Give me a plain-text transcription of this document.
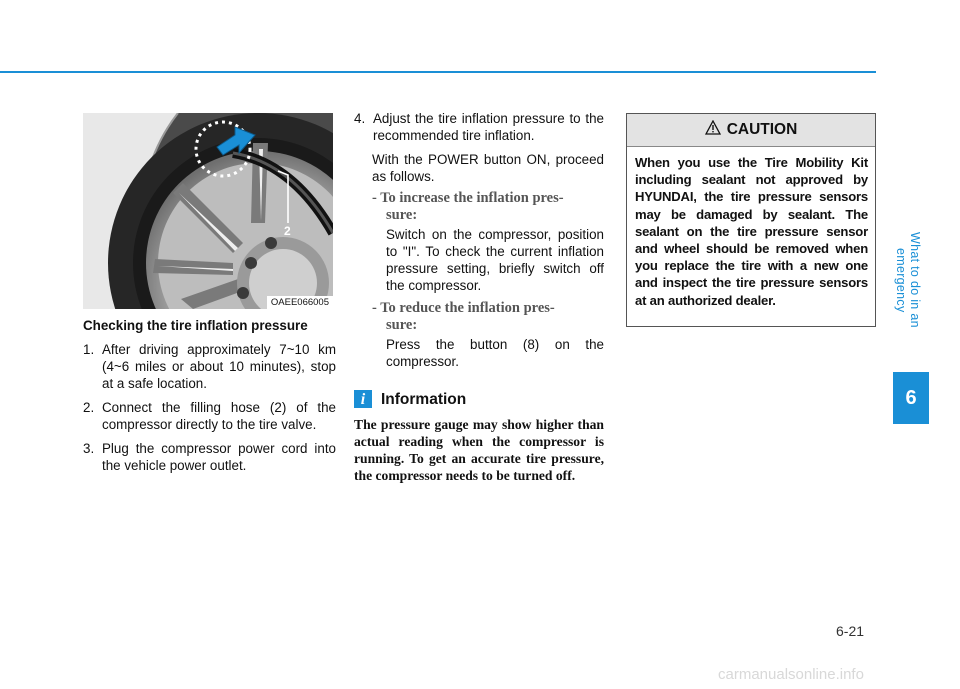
2
OAEE066005
Checking the tire inflation pressure
1. After driving approximately 7~10 km (4~6 miles or about 10 minutes), stop at a safe location.
2. Connect the filling hose (2) of the compressor directly to the tire valve.
3. Plug the compressor power cord into the vehicle power outlet.
4. Adjust the tire inflation pressure to the recommended tire inflation.
With the POWER button ON, proceed as follows.
- To increase the inflation pres-
sure:
Switch on the compressor, position to "I". To check the current inflation pressure setting, briefly switch off the compressor.
- To reduce the inflation pres-
sure:
Press the button (8) on the compressor.
i	Information
The pressure gauge may show higher than actual reading when the compressor is running. To get an accurate tire pressure, the compressor needs to be turned off.
CAUTION
When you use the Tire Mobility Kit including sealant not approved by HYUNDAI, the tire pressure sensors may be damaged by sealant. The sealant on the tire pressure sensor and wheel should be removed when you replace the tire with a new one and inspect the tire pressure sensors at an authorized dealer.	What to do in an emergency
6
6-21
carmanualsonline.info
